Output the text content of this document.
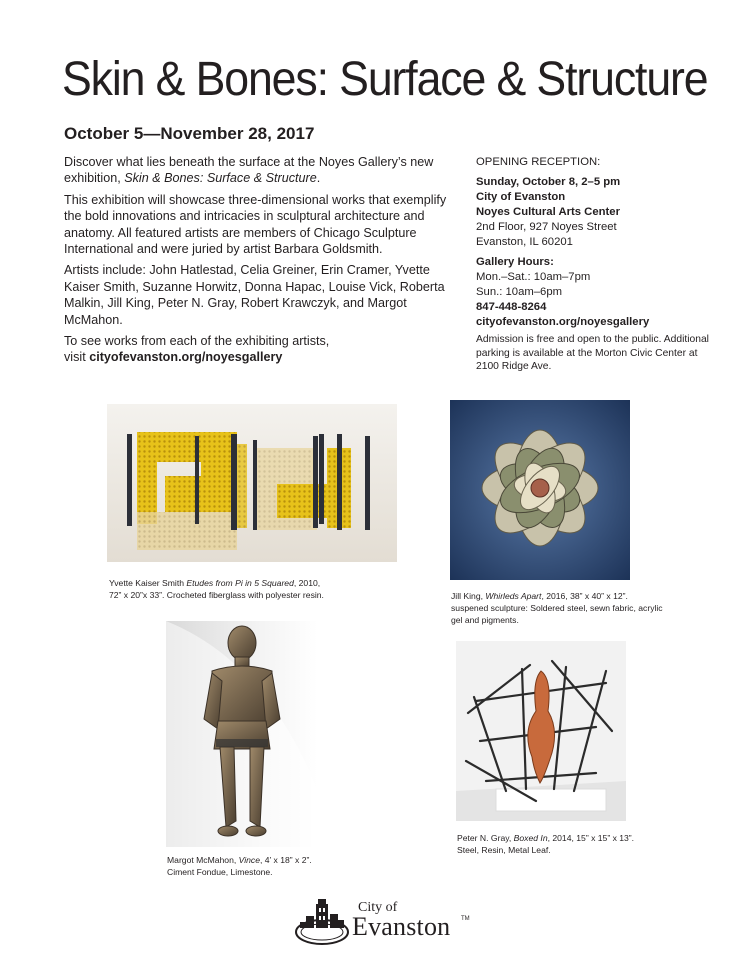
Skin & Bones: Surface & Structure
October 5—November 28, 2017

Discover what lies beneath the surface at the Noyes Gallery’s new exhibition, Skin & Bones: Surface & Structure.

This exhibition will showcase three-dimensional works that exemplify the bold innovations and intricacies in sculptural architecture and anatomy. All featured artists are members of Chicago Sculpture International and were juried by artist Barbara Goldsmith.

Artists include: John Hatlestad, Celia Greiner, Erin Cramer, Yvette Kaiser Smith, Suzanne Horwitz, Donna Hapac, Louise Vick, Roberta Malkin, Jill King, Peter N. Gray, Robert Krawczyk, and Margot McMahon.

To see works from each of the exhibiting artists,
visit cityofevanston.org/noyesgallery

OPENING RECEPTION:
Sunday, October 8, 2–5 pm
City of Evanston
Noyes Cultural Arts Center
2nd Floor, 927 Noyes Street
Evanston, IL 60201
Gallery Hours:
Mon.–Sat.: 10am–7pm
Sun.: 10am–6pm
847-448-8264
cityofevanston.org/noyesgallery
Admission is free and open to the public. Additional parking is available at the Morton Civic Center at 2100 Ridge Ave.
Yvette Kaiser Smith Etudes from Pi in 5 Squared, 2010,
72” x 20”x 33”. Crocheted fiberglass with polyester resin.	Jill King, Whirleds Apart, 2016, 38” x 40” x 12”.
suspened sculpture: Soldered steel, sewn fabric, acrylic gel and pigments.
Margot McMahon, Vince, 4’ x 18” x 2”.
Ciment Fondue, Limestone.
Peter N. Gray, Boxed In, 2014, 15” x 15” x 13”.
Steel, Resin, Metal Leaf.
City of
Evanston TM
